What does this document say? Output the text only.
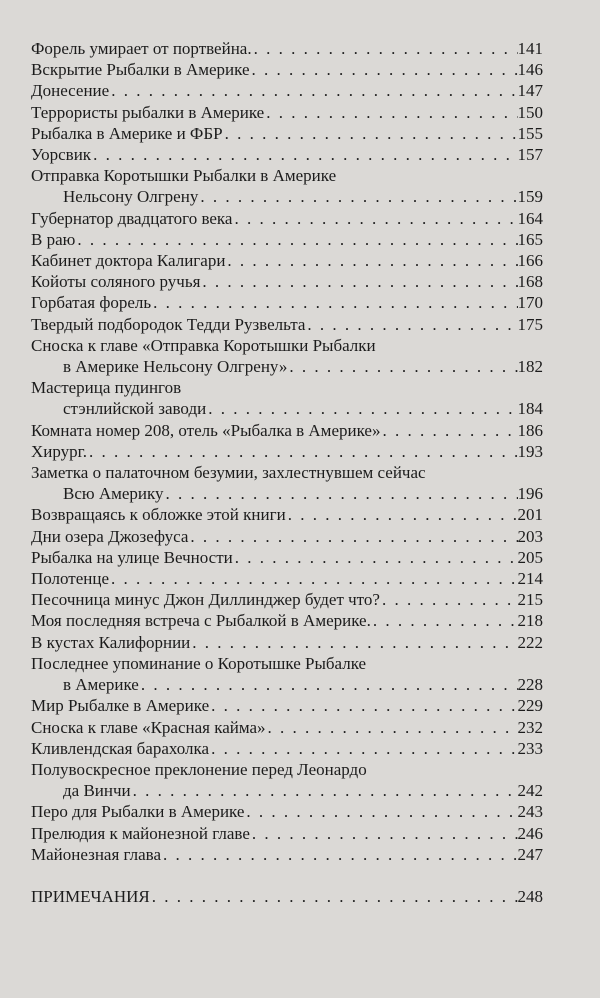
Форель умирает от портвейна. . . .	141
Вскрытие Рыбалки в Америке . . .	146
Донесение . . .	147
Террористы рыбалки в Америке . . .	150
Рыбалка в Америке и ФБР . . .	155
Уорсвик . . .	157
Отправка Коротышки Рыбалки в Америке
Нельсону Олгрену . . .	159
Губернатор двадцатого века . . .	164
В раю . . .	165
Кабинет доктора Калигари . . .	166
Койоты соляного ручья . . .	168
Горбатая форель . . .	170
Твердый подбородок Тедди Рузвельта . . .	175
Сноска к главе «Отправка Коротышки Рыбалки
в Америке Нельсону Олгрену» . . .	182
Мастерица пудингов
стэнлийской заводи . . .	184
Комната номер 208, отель «Рыбалка в Америке» . . .	186
Хирург. . . .	193
Заметка о палаточном безумии, захлестнувшем сейчас
Всю Америку . . .	196
Возвращаясь к обложке этой книги . . .	201
Дни озера Джозефуса . . .	203
Рыбалка на улице Вечности . . .	205
Полотенце . . .	214
Песочница минус Джон Диллинджер будет что? . . .	215
Моя последняя встреча с Рыбалкой в Америке. . . .	218
В кустах Калифорнии . . .	222
Последнее упоминание о Коротышке Рыбалке
в Америке . . .	228
Мир Рыбалке в Америке . . .	229
Сноска к главе «Красная кайма» . . .	232
Кливлендская барахолка . . .	233
Полувоскресное преклонение перед Леонардо
да Винчи . . .	242
Перо для Рыбалки в Америке . . .	243
Прелюдия к майонезной главе . . .	246
Майонезная глава . . .	247
ПРИМЕЧАНИЯ . . .	248
